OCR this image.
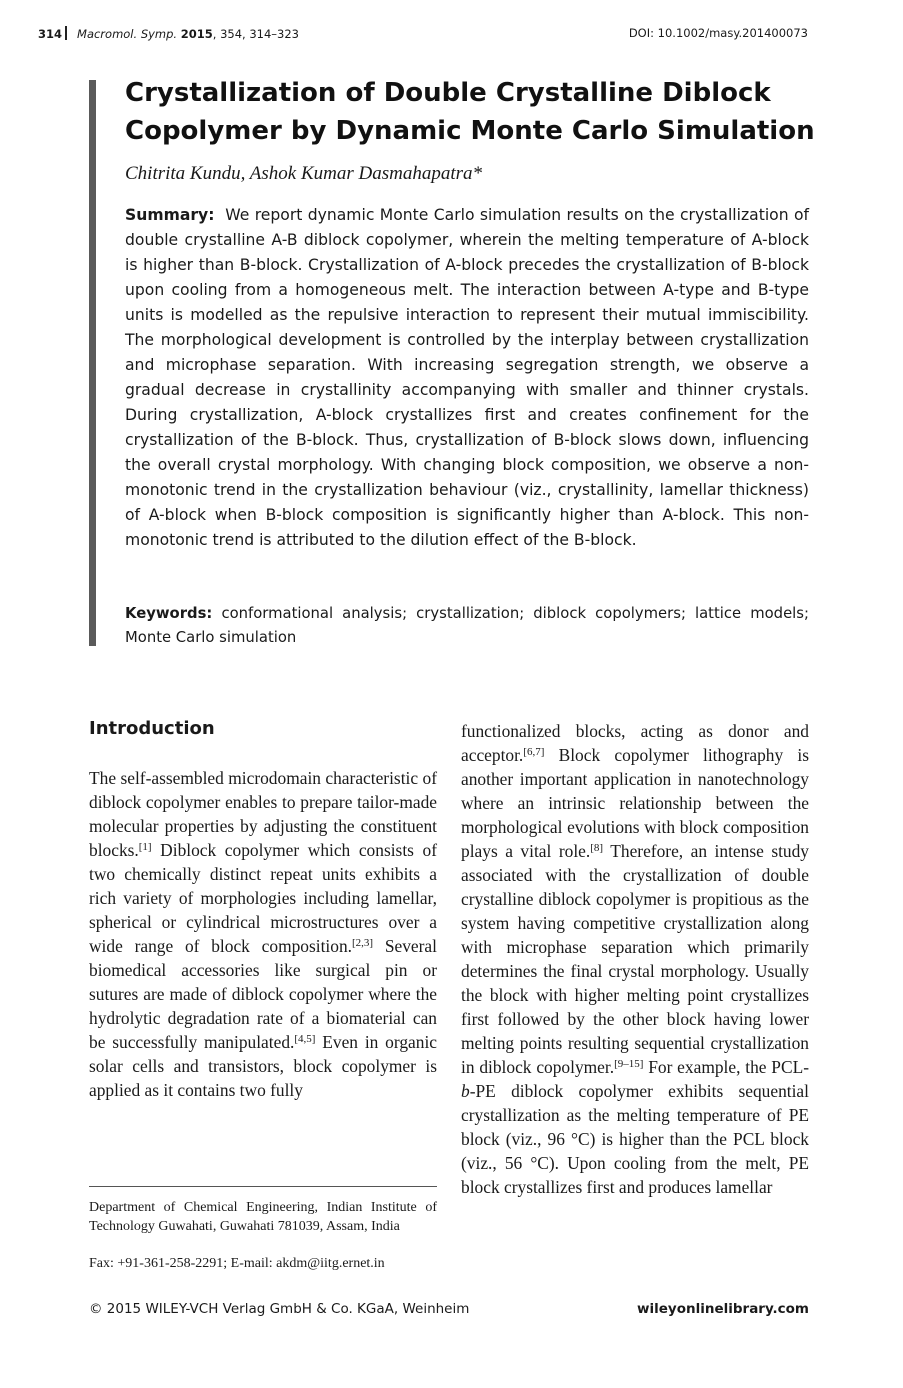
314 Macromol. Symp. 2015, 354, 314–323	DOI: 10.1002/masy.201400073
Crystallization of Double Crystalline Diblock Copolymer by Dynamic Monte Carlo Simulation
Chitrita Kundu, Ashok Kumar Dasmahapatra*

Summary: We report dynamic Monte Carlo simulation results on the crystallization of double crystalline A-B diblock copolymer, wherein the melting temperature of A-block is higher than B-block. Crystallization of A-block precedes the crystallization of B-block upon cooling from a homogeneous melt. The interaction between A-type and B-type units is modelled as the repulsive interaction to represent their mutual immiscibility. The morphological development is controlled by the interplay between crystallization and microphase separation. With increasing segregation strength, we observe a gradual decrease in crystallinity accompanying with smaller and thinner crystals. During crystallization, A-block crystallizes first and creates confinement for the crystallization of the B-block. Thus, crystallization of B-block slows down, influencing the overall crystal morphology. With changing block composition, we observe a non-monotonic trend in the crystallization behaviour (viz., crystallinity, lamellar thickness) of A-block when B-block composition is significantly higher than A-block. This non-monotonic trend is attributed to the dilution effect of the B-block.

Keywords: conformational analysis; crystallization; diblock copolymers; lattice models; Monte Carlo simulation

Introduction

The self-assembled microdomain characteristic of diblock copolymer enables to prepare tailor-made molecular properties by adjusting the constituent blocks.[1] Diblock copolymer which consists of two chemically distinct repeat units exhibits a rich variety of morphologies including lamellar, spherical or cylindrical microstructures over a wide range of block composition.[2,3] Several biomedical accessories like surgical pin or sutures are made of diblock copolymer where the hydrolytic degradation rate of a biomaterial can be successfully manipulated.[4,5] Even in organic solar cells and transistors, block copolymer is applied as it contains two fully

functionalized blocks, acting as donor and acceptor.[6,7] Block copolymer lithography is another important application in nanotechnology where an intrinsic relationship between the morphological evolutions with block composition plays a vital role.[8] Therefore, an intense study associated with the crystallization of double crystalline diblock copolymer is propitious as the system having competitive crystallization along with microphase separation which primarily determines the final crystal morphology. Usually the block with higher melting point crystallizes first followed by the other block having lower melting points resulting sequential crystallization in diblock copolymer.[9–15] For example, the PCL-b-PE diblock copolymer exhibits sequential crystallization as the melting temperature of PE block (viz., 96 °C) is higher than the PCL block (viz., 56 °C). Upon cooling from the melt, PE block crystallizes first and produces lamellar

Department of Chemical Engineering, Indian Institute of Technology Guwahati, Guwahati 781039, Assam, India

Fax: +91-361-258-2291; E-mail: akdm@iitg.ernet.in

© 2015 WILEY-VCH Verlag GmbH & Co. KGaA, Weinheim	wileyonlinelibrary.com
